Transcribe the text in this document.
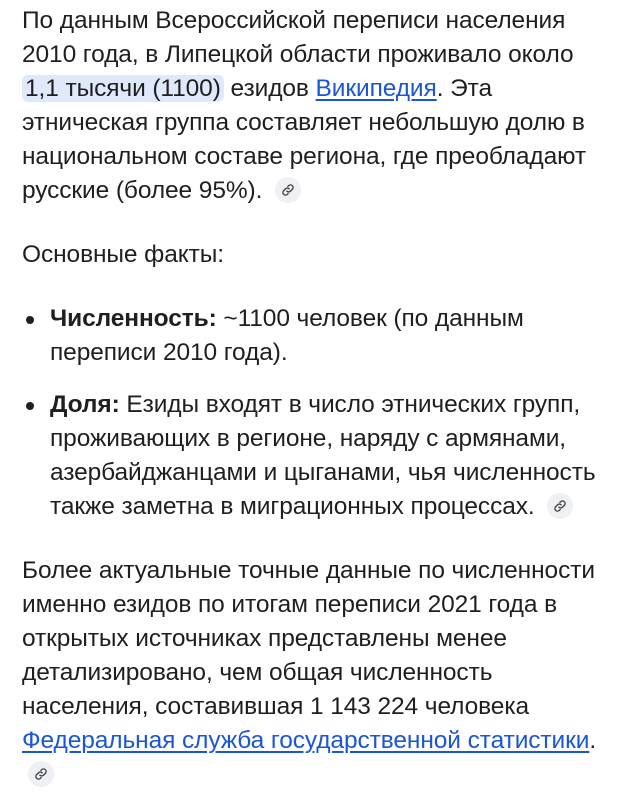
По данным Всероссийской переписи населения 2010 года, в Липецкой области проживало около 1,1 тысячи (1100) езидов Википедия. Эта этническая группа составляет небольшую долю в национальном составе региона, где преобладают русские (более 95%).

Основные факты:

Численность: ~1100 человек (по данным переписи 2010 года).
Доля: Езиды входят в число этнических групп, проживающих в регионе, наряду с армянами, азербайджанцами и цыганами, чья численность также заметна в миграционных процессах.

Более актуальные точные данные по численности именно езидов по итогам переписи 2021 года в открытых источниках представлены менее детализировано, чем общая численность населения, составившая 1 143 224 человека Федеральная служба государственной статистики.
